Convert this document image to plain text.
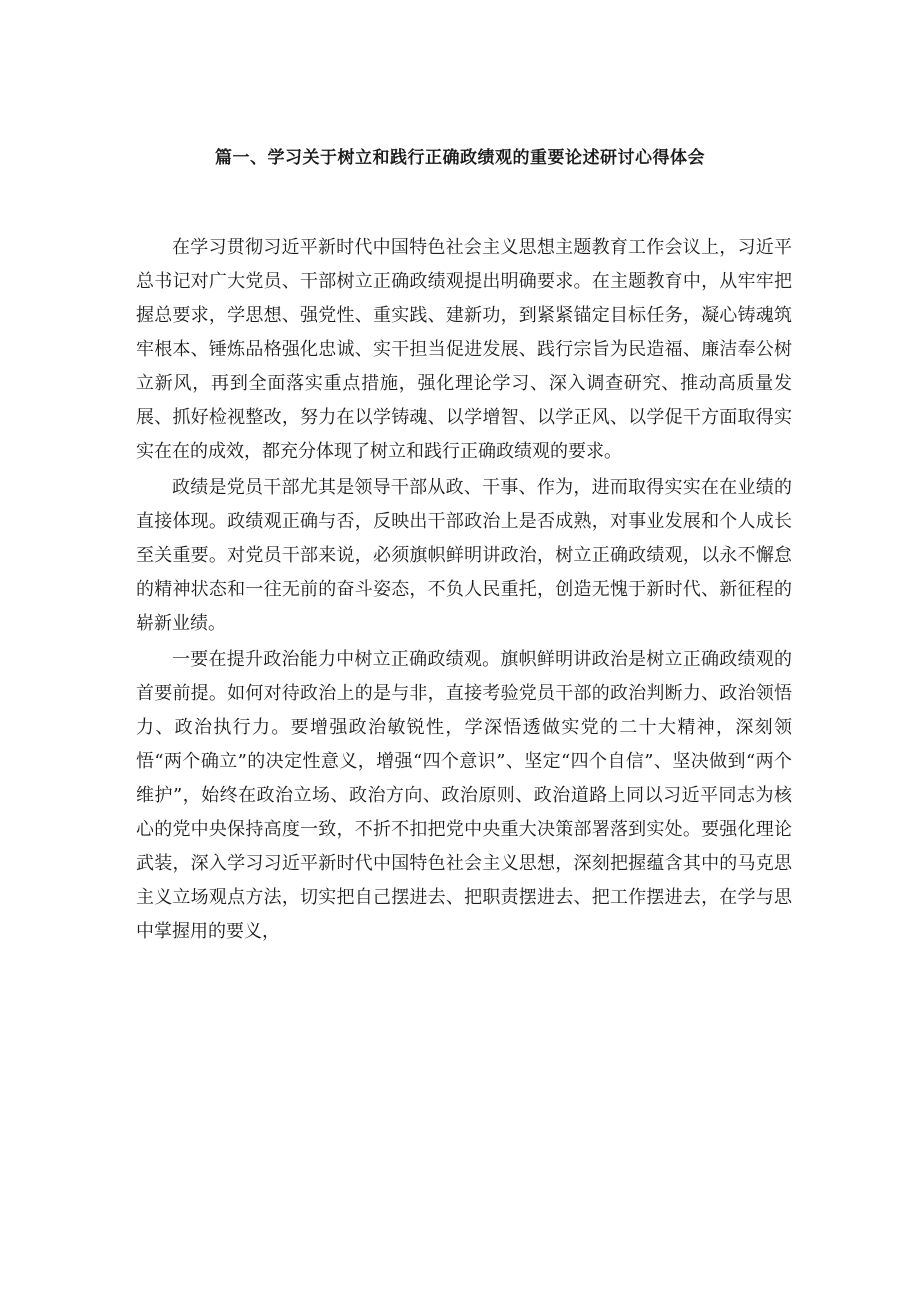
篇一、学习关于树立和践行正确政绩观的重要论述研讨心得体会

在学习贯彻习近平新时代中国特色社会主义思想主题教育工作会议上，习近平总书记对广大党员、干部树立正确政绩观提出明确要求。在主题教育中，从牢牢把握总要求，学思想、强党性、重实践、建新功，到紧紧锚定目标任务，凝心铸魂筑牢根本、锤炼品格强化忠诚、实干担当促进发展、践行宗旨为民造福、廉洁奉公树立新风，再到全面落实重点措施，强化理论学习、深入调查研究、推动高质量发展、抓好检视整改，努力在以学铸魂、以学增智、以学正风、以学促干方面取得实实在在的成效，都充分体现了树立和践行正确政绩观的要求。

政绩是党员干部尤其是领导干部从政、干事、作为，进而取得实实在在业绩的直接体现。政绩观正确与否，反映出干部政治上是否成熟，对事业发展和个人成长至关重要。对党员干部来说，必须旗帜鲜明讲政治，树立正确政绩观，以永不懈怠的精神状态和一往无前的奋斗姿态，不负人民重托，创造无愧于新时代、新征程的崭新业绩。

一要在提升政治能力中树立正确政绩观。旗帜鲜明讲政治是树立正确政绩观的首要前提。如何对待政治上的是与非，直接考验党员干部的政治判断力、政治领悟力、政治执行力。要增强政治敏锐性，学深悟透做实党的二十大精神，深刻领悟“两个确立”的决定性意义，增强“四个意识”、坚定“四个自信”、坚决做到“两个维护”，始终在政治立场、政治方向、政治原则、政治道路上同以习近平同志为核心的党中央保持高度一致，不折不扣把党中央重大决策部署落到实处。要强化理论武装，深入学习习近平新时代中国特色社会主义思想，深刻把握蕴含其中的马克思主义立场观点方法，切实把自己摆进去、把职责摆进去、把工作摆进去，在学与思中掌握用的要义，
